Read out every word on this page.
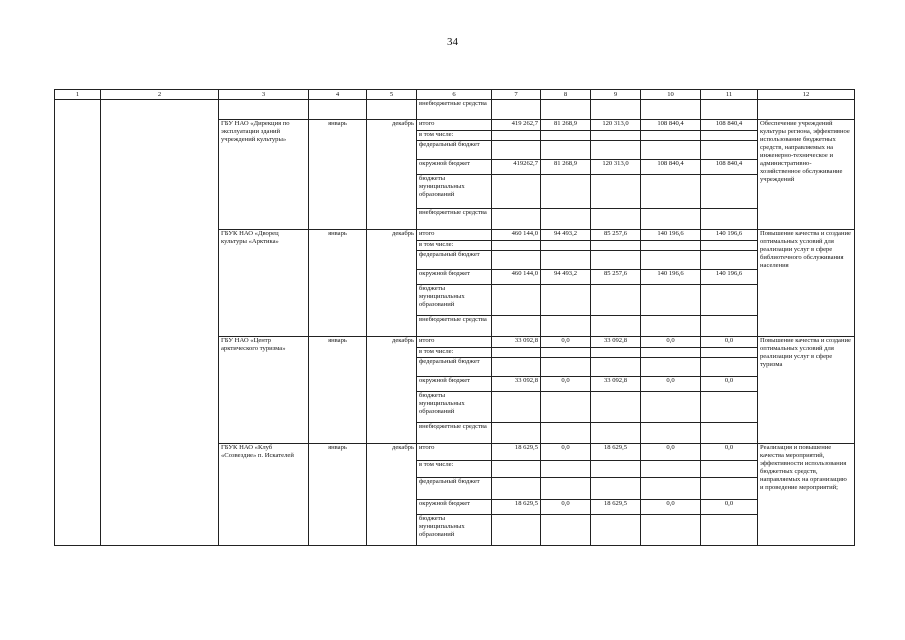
34
1	2	3	4	5	6	7	8	9	10	11	12
					внебюджетные средства						
		ГБУ НАО «Дирекция по эксплуатации зданий учреждений культуры»	январь	декабрь	итого	419 262,7	81 268,9	120 313,0	108 840,4	108 840,4	Обеспечение учреждений культуры региона, эффективное использование бюджетных средств, направляемых на инженерно-техническое и административно-хозяйственное обслуживание учреждений
					в том числе:						
					федеральный бюджет						
					окружной бюджет	419262,7	81 268,9	120 313,0	108 840,4	108 840,4	
					бюджеты муниципальных образований						
					внебюджетные средства						
		ГБУК НАО «Дворец культуры «Арктика»	январь	декабрь	итого	460 144,0	94 493,2	85 257,6	140 196,6	140 196,6	Повышение качества и создание оптимальных условий для реализации услуг в сфере библиотечного обслуживания населения
					в том числе:						
					федеральный бюджет						
					окружной бюджет	460 144,0	94 493,2	85 257,6	140 196,6	140 196,6	
					бюджеты муниципальных образований						
					внебюджетные средства						
		ГБУ НАО «Центр арктического туризма»	январь	декабрь	итого	33 092,8	0,0	33 092,8	0,0	0,0	Повышение качества и создание оптимальных условий для реализации услуг в сфере туризма
					в том числе:						
					федеральный бюджет						
					окружной бюджет	33 092,8	0,0	33 092,8	0,0	0,0	
					бюджеты муниципальных образований						
					внебюджетные средства						
		ГБУК НАО «Клуб «Созвездие» п. Искателей	январь	декабрь	итого	18 629,5	0,0	18 629,5	0,0	0,0	Реализация и повышение качества мероприятий, эффективности использования бюджетных средств, направляемых на организацию и проведение мероприятий;
					в том числе:						
					федеральный бюджет						
					окружной бюджет	18 629,5	0,0	18 629,5	0,0	0,0	
					бюджеты муниципальных образований						
